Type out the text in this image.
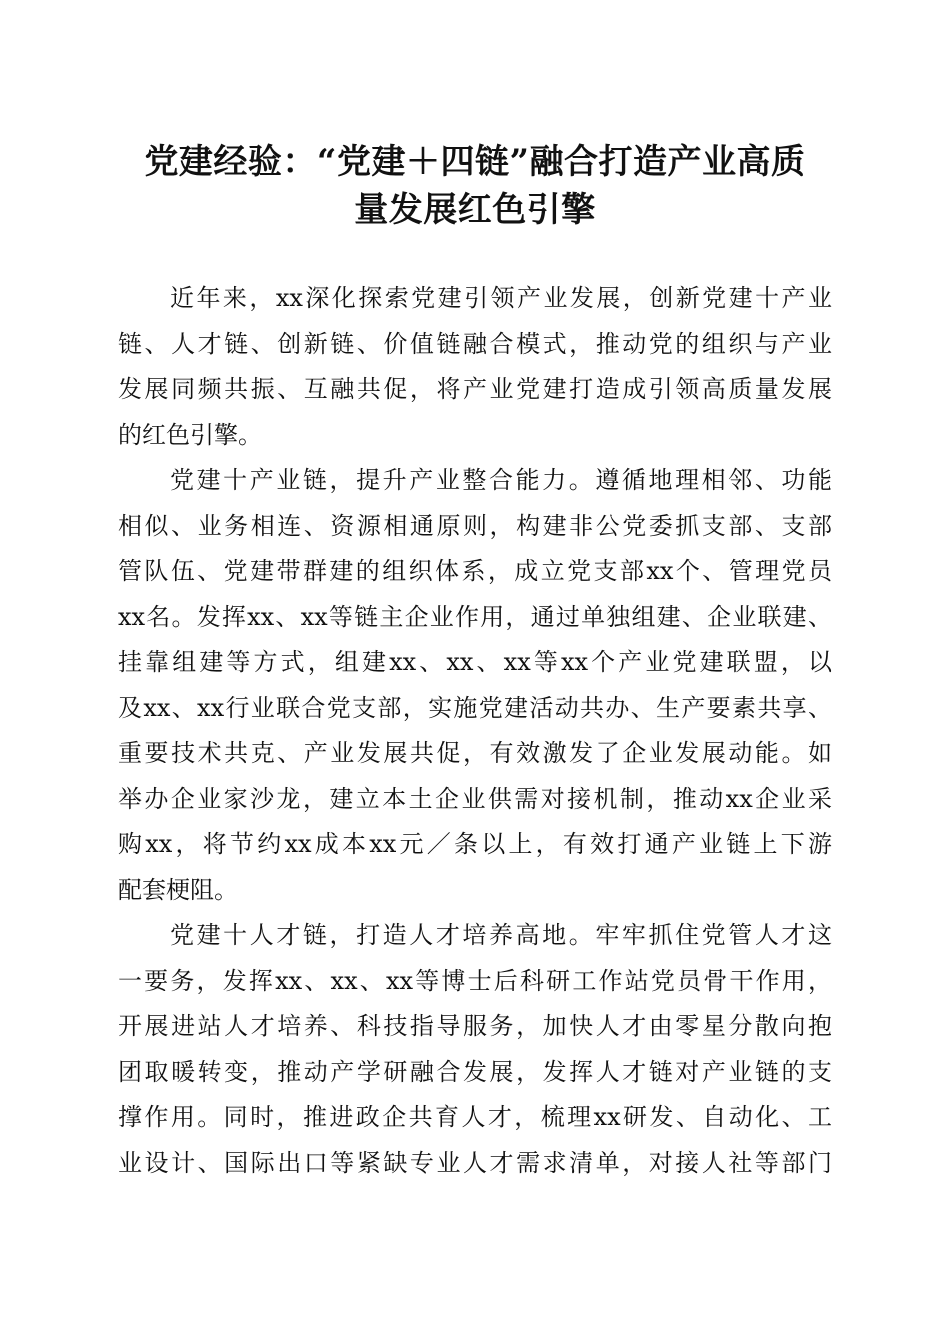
党建经验：“党建＋四链”融合打造产业高质
量发展红色引擎
近年来，xx深化探索党建引领产业发展，创新党建十产业
链、人才链、创新链、价值链融合模式，推动党的组织与产业
发展同频共振、互融共促，将产业党建打造成引领高质量发展
的红色引擎。
党建十产业链，提升产业整合能力。遵循地理相邻、功能
相似、业务相连、资源相通原则，构建非公党委抓支部、支部
管队伍、党建带群建的组织体系，成立党支部xx个、管理党员
xx名。发挥xx、xx等链主企业作用，通过单独组建、企业联建、
挂靠组建等方式，组建xx、xx、xx等xx个产业党建联盟，以
及xx、xx行业联合党支部，实施党建活动共办、生产要素共享、
重要技术共克、产业发展共促，有效激发了企业发展动能。如
举办企业家沙龙，建立本土企业供需对接机制，推动xx企业采
购xx，将节约xx成本xx元／条以上，有效打通产业链上下游
配套梗阻。
党建十人才链，打造人才培养高地。牢牢抓住党管人才这
一要务，发挥xx、xx、xx等博士后科研工作站党员骨干作用，
开展进站人才培养、科技指导服务，加快人才由零星分散向抱
团取暖转变，推动产学研融合发展，发挥人才链对产业链的支
撑作用。同时，推进政企共育人才，梳理xx研发、自动化、工
业设计、国际出口等紧缺专业人才需求清单，对接人社等部门
